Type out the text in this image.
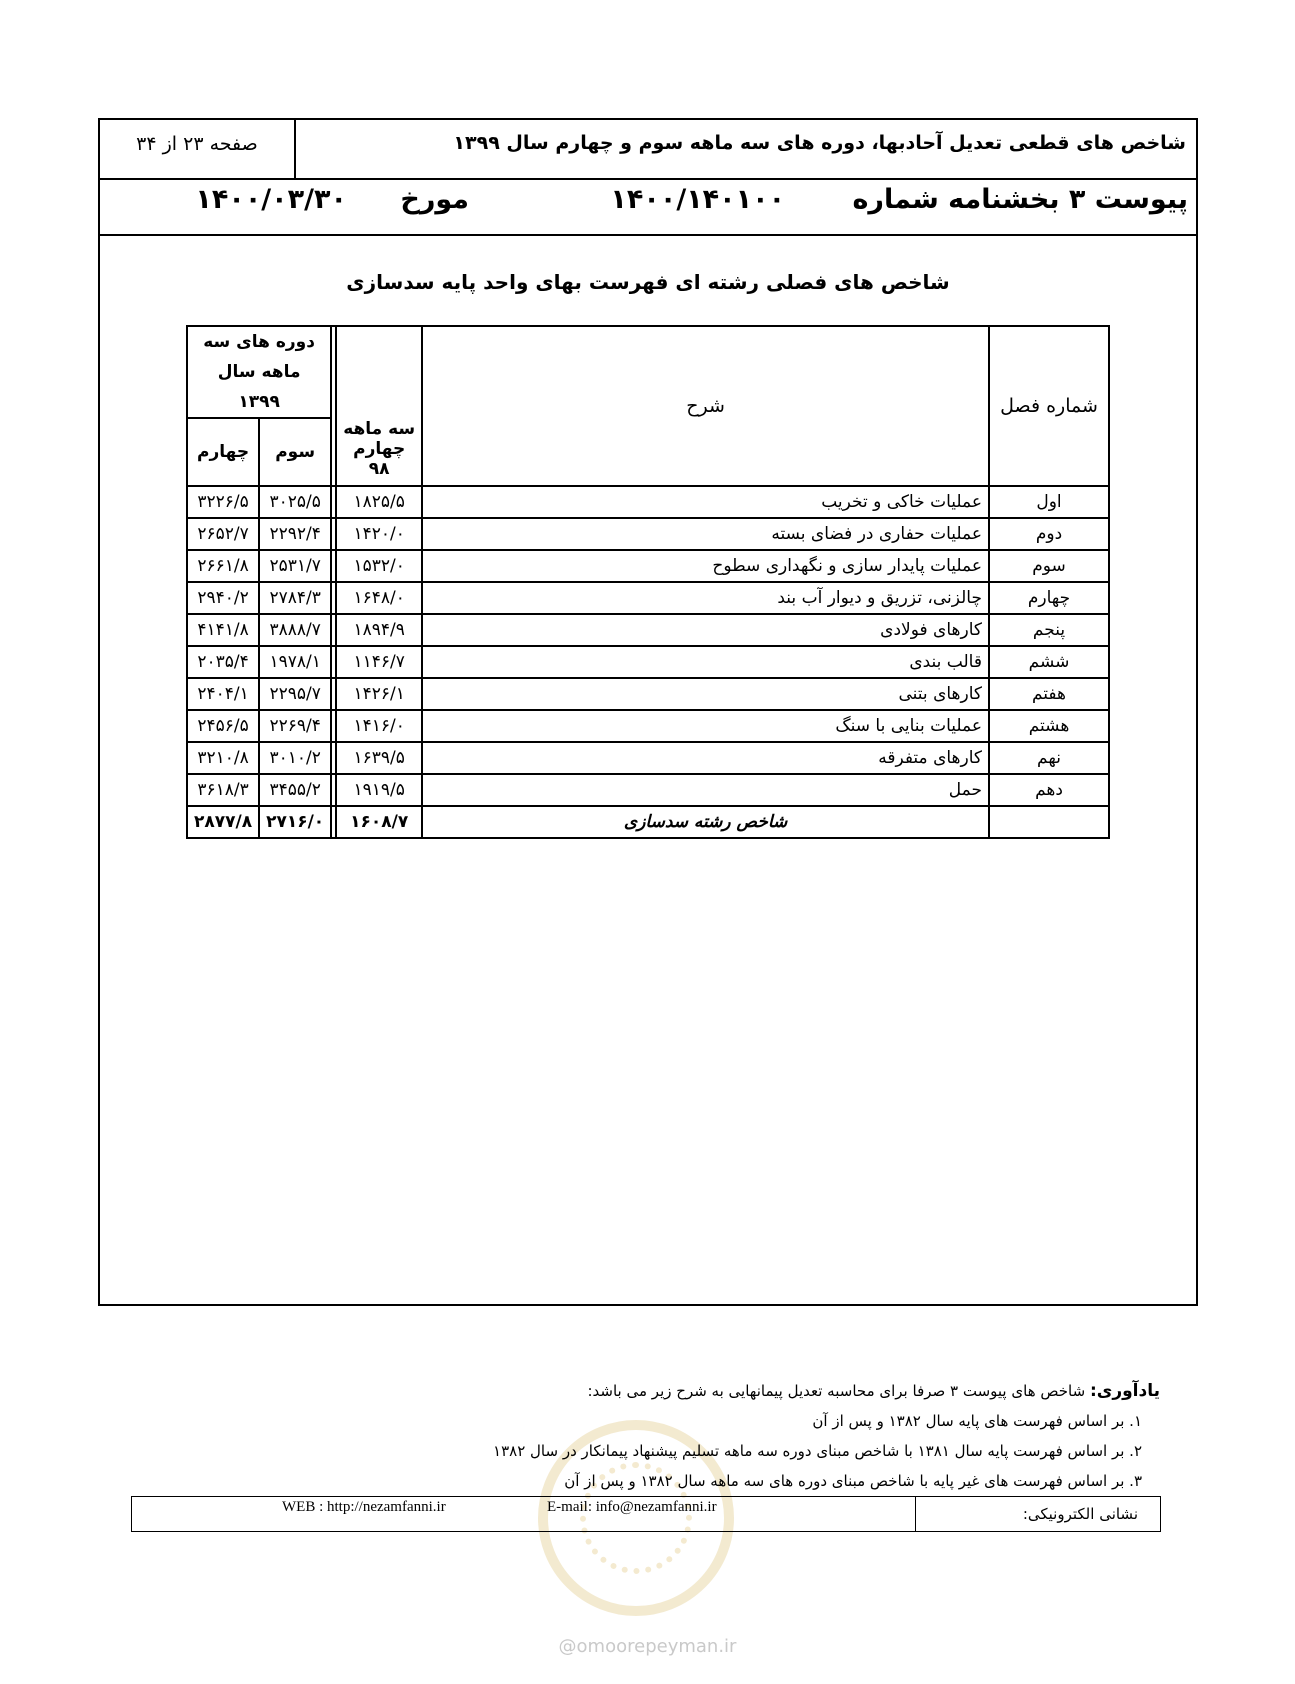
شاخص های قطعی تعدیل آحادبها، دوره های سه ماهه سوم و چهارم سال ۱۳۹۹
صفحه ۲۳ از ۳۴
پیوست ۳ بخشنامه شماره ۱۴۰۰/۱۴۰۱۰۰ مورخ ۱۴۰۰/۰۳/۳۰
شاخص های فصلی رشته ای فهرست بهای واحد پایه سدسازی
شماره فصل	شرح	سه ماهه چهارم ۹۸		دوره های سه ماهه سال ۱۳۹۹	
				سوم	چهارم
اول	عملیات خاکی و تخریب	۱۸۲۵/۵		۳۰۲۵/۵	۳۲۲۶/۵
دوم	عملیات حفاری در فضای بسته	۱۴۲۰/۰		۲۲۹۲/۴	۲۶۵۲/۷
سوم	عملیات پایدار سازی و نگهداری سطوح	۱۵۳۲/۰		۲۵۳۱/۷	۲۶۶۱/۸
چهارم	چالزنی، تزریق و دیوار آب بند	۱۶۴۸/۰		۲۷۸۴/۳	۲۹۴۰/۲
پنجم	کارهای فولادی	۱۸۹۴/۹		۳۸۸۸/۷	۴۱۴۱/۸
ششم	قالب بندی	۱۱۴۶/۷		۱۹۷۸/۱	۲۰۳۵/۴
هفتم	کارهای بتنی	۱۴۲۶/۱		۲۲۹۵/۷	۲۴۰۴/۱
هشتم	عملیات بنایی با سنگ	۱۴۱۶/۰		۲۲۶۹/۴	۲۴۵۶/۵
نهم	کارهای متفرقه	۱۶۳۹/۵		۳۰۱۰/۲	۳۲۱۰/۸
دهم	حمل	۱۹۱۹/۵		۳۴۵۵/۲	۳۶۱۸/۳
	شاخص رشته سدسازی	۱۶۰۸/۷		۲۷۱۶/۰	۲۸۷۷/۸
یادآوری: شاخص های پیوست ۳ صرفا برای محاسبه تعدیل پیمانهایی به شرح زیر می باشد:
۱. بر اساس فهرست های پایه سال ۱۳۸۲ و پس از آن
۲. بر اساس فهرست پایه سال ۱۳۸۱ با شاخص مبنای دوره سه ماهه تسلیم پیشنهاد پیمانکار در سال ۱۳۸۲
۳. بر اساس فهرست های غیر پایه با شاخص مبنای دوره های سه ماهه سال ۱۳۸۲ و پس از آن
نشانی الکترونیکی:
E-mail: info@nezamfanni.ir
WEB : http://nezamfanni.ir
@omoorepeyman.ir
